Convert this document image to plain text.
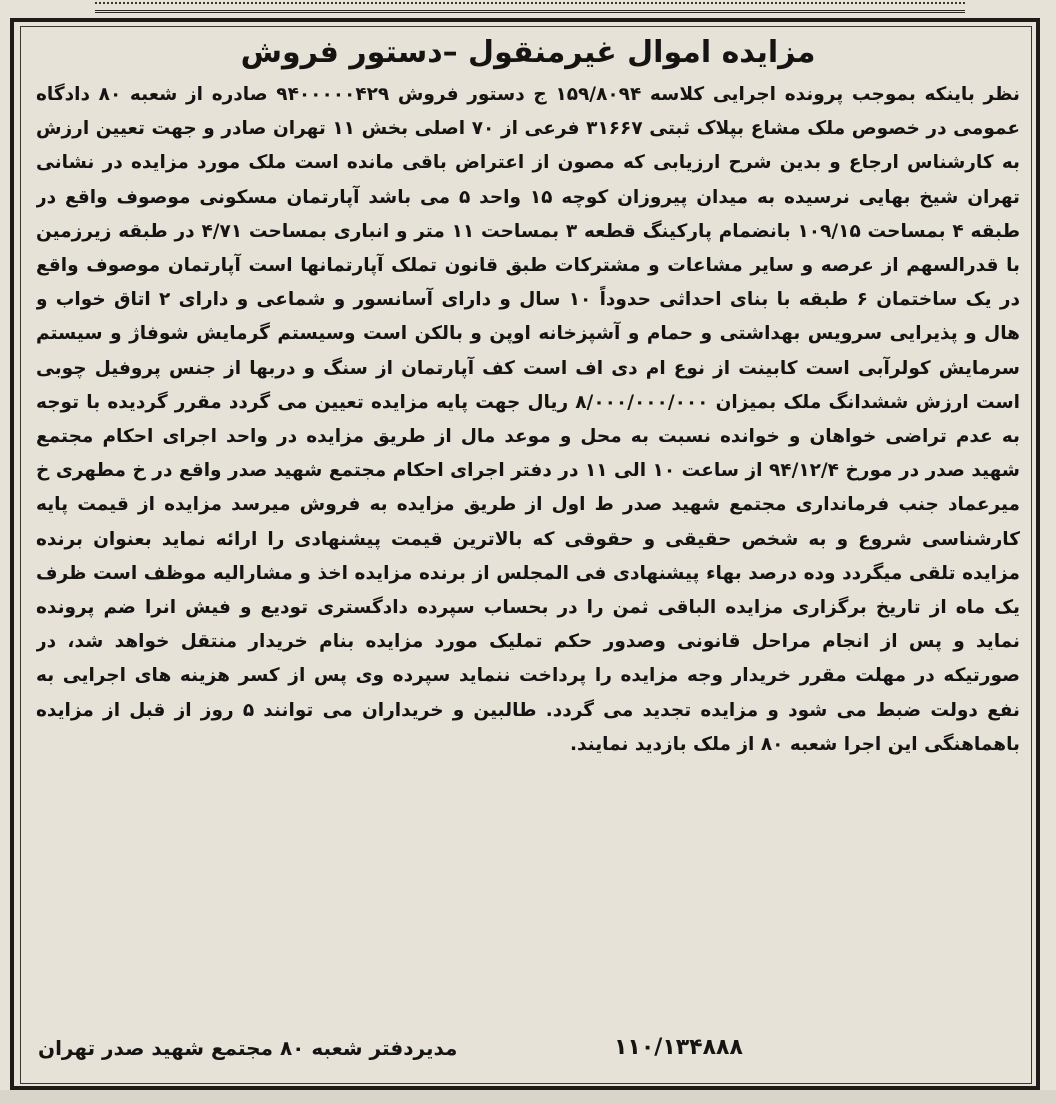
مزایده اموال غیرمنقول –دستور فروش
نظر باینکه بموجب پرونده اجرایی کلاسه ۱۵۹/۸۰۹۴ ج دستور فروش ۹۴۰۰۰۰۰۴۲۹ صادره از شعبه ۸۰ دادگاه عمومی در خصوص ملک مشاع بپلاک ثبتی ۳۱۶۶۷ فرعی از ۷۰ اصلی بخش ۱۱ تهران صادر و جهت تعیین ارزش به کارشناس ارجاع و بدین شرح ارزیابی که مصون از اعتراض باقی مانده است ملک مورد مزایده در نشانی تهران شیخ بهایی نرسیده به میدان پیروزان کوچه ۱۵ واحد ۵ می باشد آپارتمان مسکونی موصوف واقع در طبقه ۴ بمساحت ۱۰۹/۱۵ بانضمام پارکینگ قطعه ۳ بمساحت ۱۱ متر و انباری بمساحت ۴/۷۱ در طبقه زیرزمین با قدرالسهم از عرصه و سایر مشاعات و مشترکات طبق قانون تملک آپارتمانها است آپارتمان موصوف واقع در یک ساختمان ۶ طبقه با بنای احداثی حدوداً ۱۰ سال و دارای آسانسور و شماعی و دارای ۲ اتاق خواب و هال و پذیرایی سرویس بهداشتی و حمام و آشپزخانه اوپن و بالکن است وسیستم گرمایش شوفاژ و سیستم سرمایش کولرآبی است کابینت از نوع ام دی اف است کف آپارتمان از سنگ و دربها از جنس پروفیل چوبی است ارزش ششدانگ ملک بمیزان ۸/۰۰۰/۰۰۰/۰۰۰ ریال جهت پایه مزایده تعیین می گردد مقرر گردیده با توجه به عدم تراضی خواهان و خوانده نسبت به محل و موعد مال از طریق مزایده در واحد اجرای احکام مجتمع شهید صدر در مورخ ۹۴/۱۲/۴ از ساعت ۱۰ الی ۱۱ در دفتر اجرای احکام مجتمع شهید صدر واقع در خ مطهری خ میرعماد جنب فرمانداری مجتمع شهید صدر ط اول از طریق مزایده به فروش میرسد مزایده از قیمت پایه کارشناسی شروع و به شخص حقیقی و حقوقی که بالاترین قیمت پیشنهادی را ارائه نماید بعنوان برنده مزایده تلقی میگردد وده درصد بهاء پیشنهادی فی المجلس از برنده مزایده اخذ و مشارالیه موظف است ظرف یک ماه از تاریخ برگزاری مزایده الباقی ثمن را در بحساب سپرده دادگستری تودیع و فیش انرا ضم پرونده نماید و پس از انجام مراحل قانونی وصدور حکم تملیک مورد مزایده بنام خریدار منتقل خواهد شد، در صورتیکه در مهلت مقرر خریدار وجه مزایده را پرداخت ننماید سپرده وی پس از کسر هزینه های اجرایی به نفع دولت ضبط می شود و مزایده تجدید می گردد. طالبین و خریداران می توانند ۵ روز از قبل از مزایده باهماهنگی این اجرا شعبه ۸۰ از ملک بازدید نمایند.
مدیردفتر شعبه ۸۰ مجتمع شهید صدر تهران	۱۱۰/۱۳۴۸۸۸
